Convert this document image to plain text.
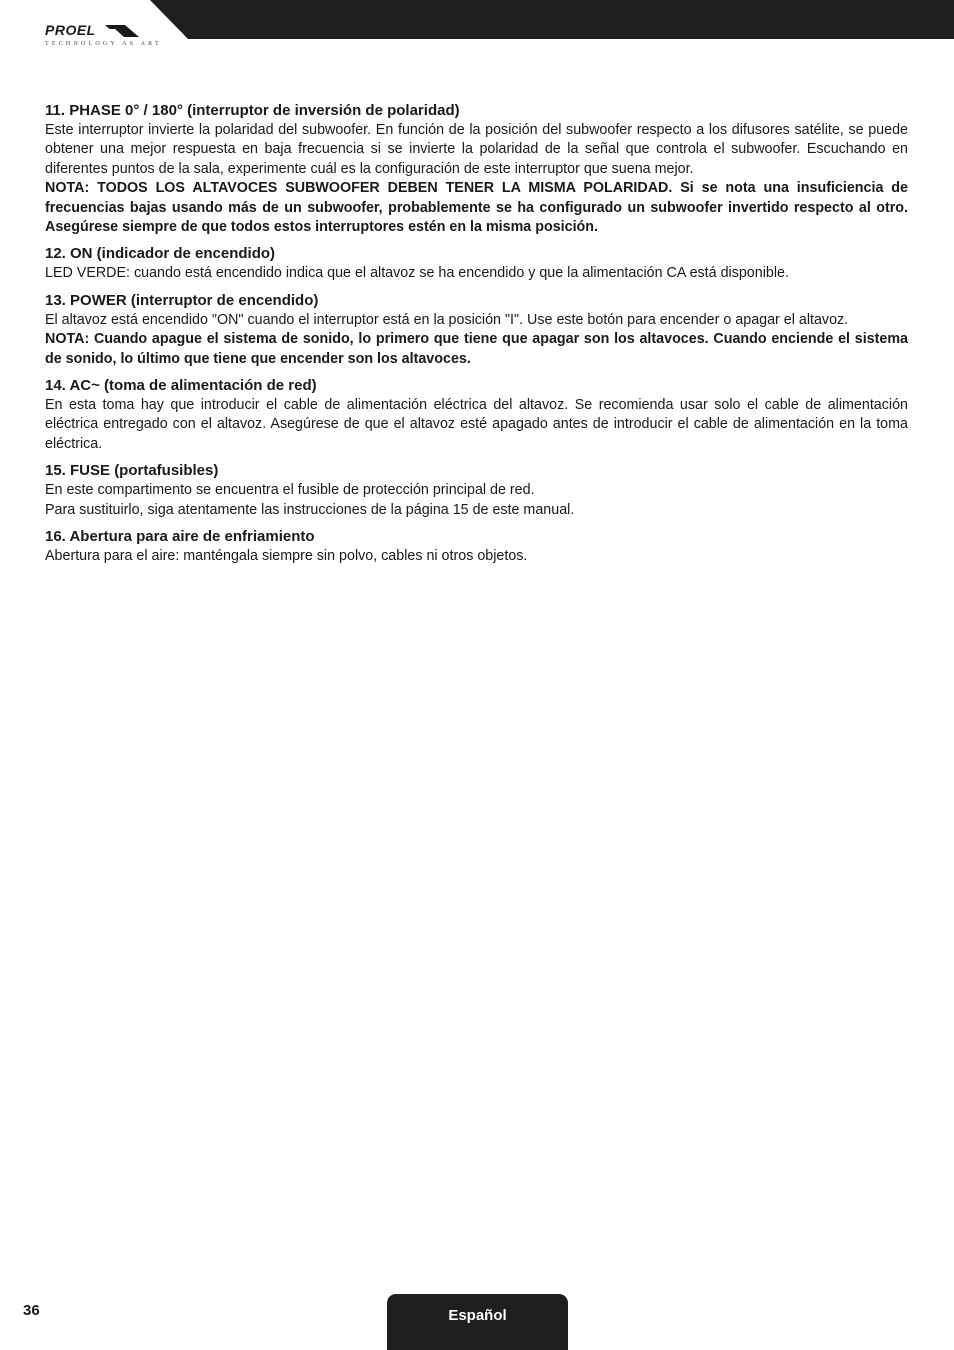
PROEL
TECHNOLOGY AS ART
11. PHASE 0° / 180° (interruptor de inversión de polaridad)

Este interruptor invierte la polaridad del subwoofer. En función de la posición del subwoofer respecto a los difusores satélite, se puede obtener una mejor respuesta en baja frecuencia si se invierte la polaridad de la señal que controla el subwoofer. Escuchando en diferentes puntos de la sala, experimente cuál es la configuración de este interruptor que suena mejor.

NOTA: TODOS LOS ALTAVOCES SUBWOOFER DEBEN TENER LA MISMA POLARIDAD. Si se nota una insuficiencia de frecuencias bajas usando más de un subwoofer, probablemente se ha configurado un subwoofer invertido respecto al otro. Asegúrese siempre de que todos estos interruptores estén en la misma posición.

12. ON (indicador de encendido)

LED VERDE: cuando está encendido indica que el altavoz se ha encendido y que la alimentación CA está disponible.

13. POWER (interruptor de encendido)

El altavoz está encendido "ON" cuando el interruptor está en la posición "I". Use este botón para encender o apagar el altavoz.

NOTA: Cuando apague el sistema de sonido, lo primero que tiene que apagar son los altavoces. Cuando enciende el sistema de sonido, lo último que tiene que encender son los altavoces.

14. AC~ (toma de alimentación de red)

En esta toma hay que introducir el cable de alimentación eléctrica del altavoz. Se recomienda usar solo el cable de alimentación eléctrica entregado con el altavoz. Asegúrese de que el altavoz esté apagado antes de introducir el cable de alimentación en la toma eléctrica.

15. FUSE (portafusibles)

En este compartimento se encuentra el fusible de protección principal de red.

Para sustituirlo, siga atentamente las instrucciones de la página 15 de este manual.

16. Abertura para aire de enfriamiento

Abertura para el aire: manténgala siempre sin polvo, cables ni otros objetos.

36	Español
